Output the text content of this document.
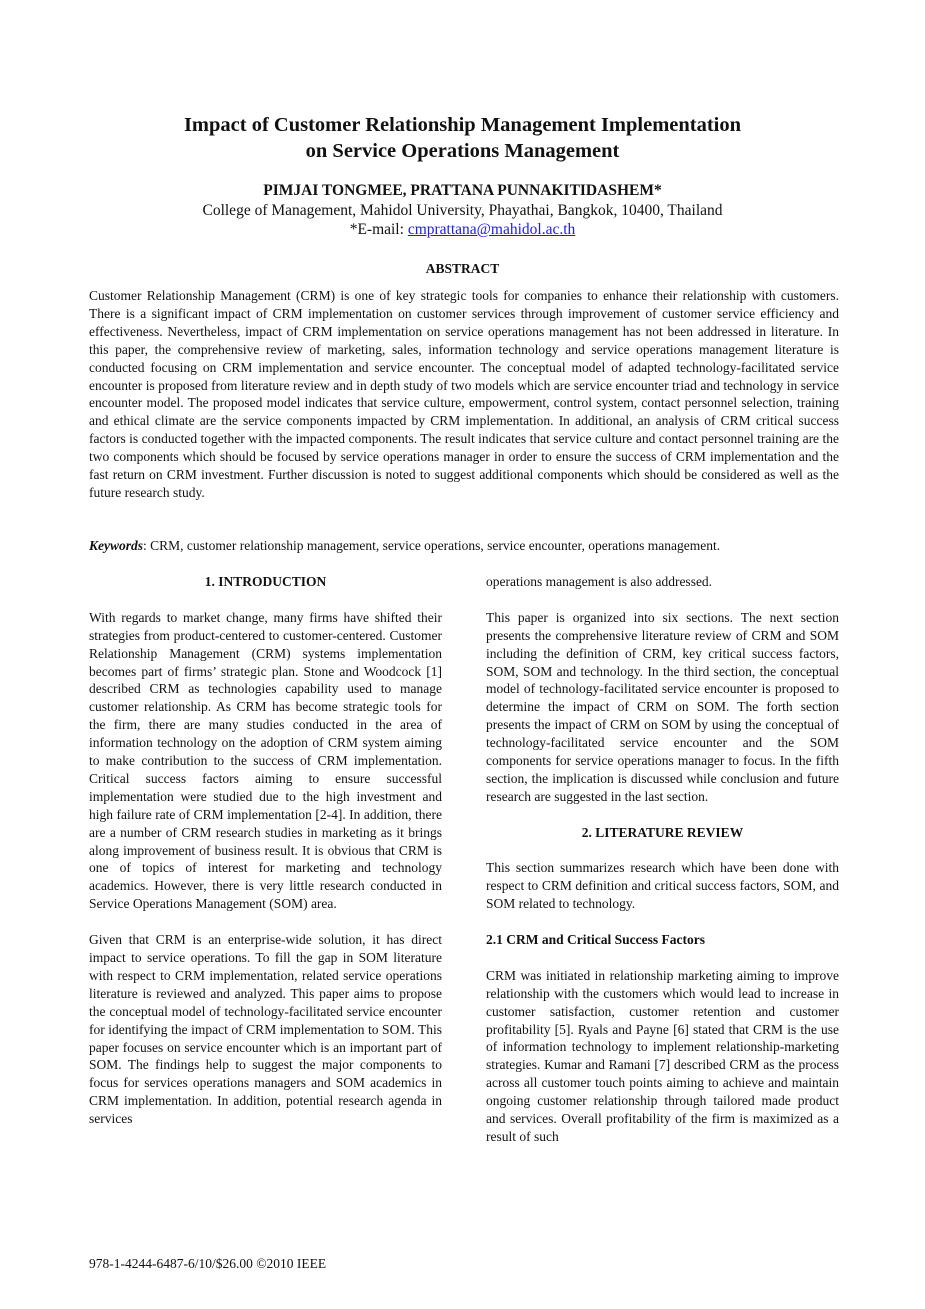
Impact of Customer Relationship Management Implementation
on Service Operations Management
PIMJAI TONGMEE, PRATTANA PUNNAKITIDASHEM*
College of Management, Mahidol University, Phayathai, Bangkok, 10400, Thailand
*E-mail: cmprattana@mahidol.ac.th
ABSTRACT
Customer Relationship Management (CRM) is one of key strategic tools for companies to enhance their relationship with customers. There is a significant impact of CRM implementation on customer services through improvement of customer service efficiency and effectiveness. Nevertheless, impact of CRM implementation on service operations management has not been addressed in literature. In this paper, the comprehensive review of marketing, sales, information technology and service operations management literature is conducted focusing on CRM implementation and service encounter. The conceptual model of adapted technology-facilitated service encounter is proposed from literature review and in depth study of two models which are service encounter triad and technology in service encounter model. The proposed model indicates that service culture, empowerment, control system, contact personnel selection, training and ethical climate are the service components impacted by CRM implementation. In additional, an analysis of CRM critical success factors is conducted together with the impacted components. The result indicates that service culture and contact personnel training are the two components which should be focused by service operations manager in order to ensure the success of CRM implementation and the fast return on CRM investment. Further discussion is noted to suggest additional components which should be considered as well as the future research study.
Keywords: CRM, customer relationship management, service operations, service encounter, operations management.

1. INTRODUCTION

With regards to market change, many firms have shifted their strategies from product-centered to customer-centered. Customer Relationship Management (CRM) systems implementation becomes part of firms’ strategic plan. Stone and Woodcock [1] described CRM as technologies capability used to manage customer relationship. As CRM has become strategic tools for the firm, there are many studies conducted in the area of information technology on the adoption of CRM system aiming to make contribution to the success of CRM implementation. Critical success factors aiming to ensure successful implementation were studied due to the high investment and high failure rate of CRM implementation [2-4]. In addition, there are a number of CRM research studies in marketing as it brings along improvement of business result. It is obvious that CRM is one of topics of interest for marketing and technology academics. However, there is very little research conducted in Service Operations Management (SOM) area.

Given that CRM is an enterprise-wide solution, it has direct impact to service operations. To fill the gap in SOM literature with respect to CRM implementation, related service operations literature is reviewed and analyzed. This paper aims to propose the conceptual model of technology-facilitated service encounter for identifying the impact of CRM implementation to SOM. This paper focuses on service encounter which is an important part of SOM. The findings help to suggest the major components to focus for services operations managers and SOM academics in CRM implementation. In addition, potential research agenda in services

operations management is also addressed.

This paper is organized into six sections. The next section presents the comprehensive literature review of CRM and SOM including the definition of CRM, key critical success factors, SOM, SOM and technology. In the third section, the conceptual model of technology-facilitated service encounter is proposed to determine the impact of CRM on SOM. The forth section presents the impact of CRM on SOM by using the conceptual of technology-facilitated service encounter and the SOM components for service operations manager to focus. In the fifth section, the implication is discussed while conclusion and future research are suggested in the last section.

2. LITERATURE REVIEW

This section summarizes research which have been done with respect to CRM definition and critical success factors, SOM, and SOM related to technology.

2.1 CRM and Critical Success Factors

CRM was initiated in relationship marketing aiming to improve relationship with the customers which would lead to increase in customer satisfaction, customer retention and customer profitability [5]. Ryals and Payne [6] stated that CRM is the use of information technology to implement relationship-marketing strategies. Kumar and Ramani [7] described CRM as the process across all customer touch points aiming to achieve and maintain ongoing customer relationship through tailored made product and services. Overall profitability of the firm is maximized as a result of such

978-1-4244-6487-6/10/$26.00 ©2010 IEEE
